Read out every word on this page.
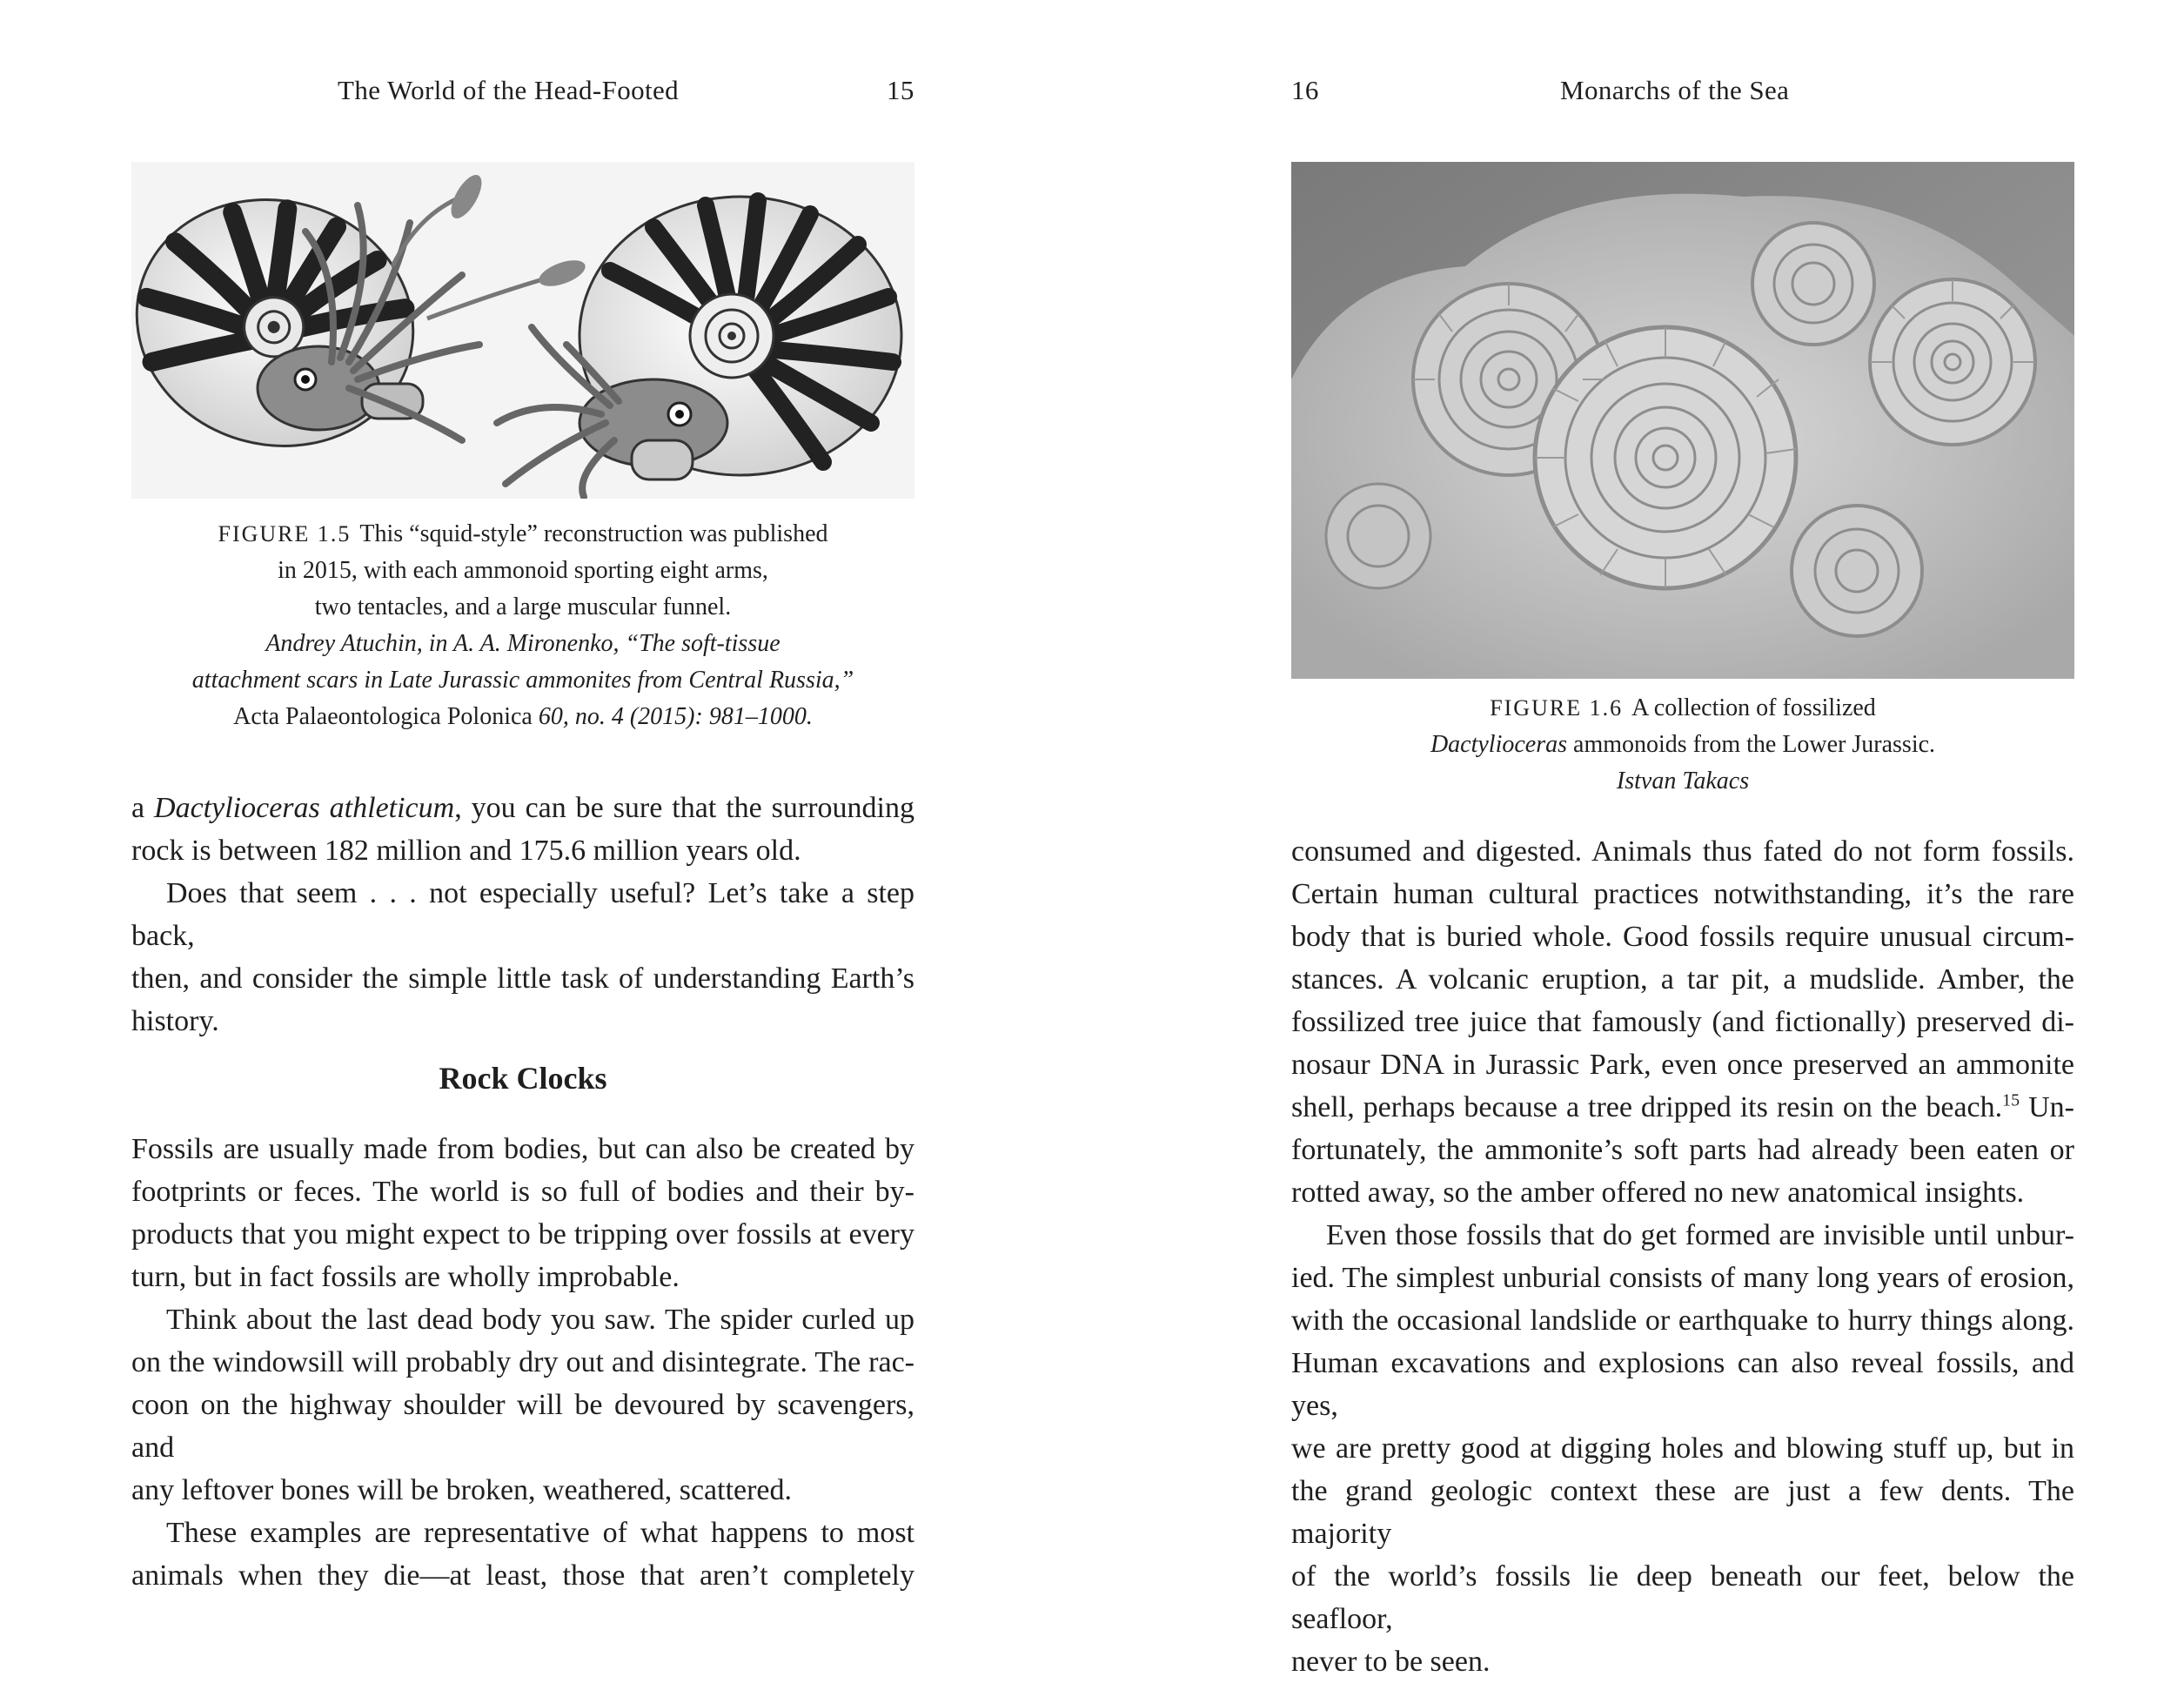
The World of the Head-Footed	15
FIGURE 1.5 This “squid-style” reconstruction was published
in 2015, with each ammonoid sporting eight arms,
two tentacles, and a large muscular funnel.
Andrey Atuchin, in A. A. Mironenko, “The soft-tissue
attachment scars in Late Jurassic ammonites from Central Russia,”
Acta Palaeontologica Polonica 60, no. 4 (2015): 981–1000.

a Dactylioceras athleticum, you can be sure that the surrounding

rock is between 182 million and 175.6 million years old.

Does that seem . . . not especially useful? Let’s take a step back,

then, and consider the simple little task of understanding Earth’s

history.

Rock Clocks

Fossils are usually made from bodies, but can also be created by

footprints or feces. The world is so full of bodies and their by-

products that you might expect to be tripping over fossils at every

turn, but in fact fossils are wholly improbable.

Think about the last dead body you saw. The spider curled up

on the windowsill will probably dry out and disintegrate. The rac-

coon on the highway shoulder will be devoured by scavengers, and

any leftover bones will be broken, weathered, scattered.

These examples are representative of what happens to most

animals when they die—at least, those that aren’t completely

16	Monarchs of the Sea
FIGURE 1.6 A collection of fossilized
Dactylioceras ammonoids from the Lower Jurassic.
Istvan Takacs

consumed and digested. Animals thus fated do not form fossils.

Certain human cultural practices notwithstanding, it’s the rare

body that is buried whole. Good fossils require unusual circum-

stances. A volcanic eruption, a tar pit, a mudslide. Amber, the

fossilized tree juice that famously (and fictionally) preserved di-

nosaur DNA in Jurassic Park, even once preserved an ammonite

shell, perhaps because a tree dripped its resin on the beach.$^{15}$ Un-

fortunately, the ammonite’s soft parts had already been eaten or

rotted away, so the amber offered no new anatomical insights.

Even those fossils that do get formed are invisible until unbur-

ied. The simplest unburial consists of many long years of erosion,

with the occasional landslide or earthquake to hurry things along.

Human excavations and explosions can also reveal fossils, and yes,

we are pretty good at digging holes and blowing stuff up, but in

the grand geologic context these are just a few dents. The majority

of the world’s fossils lie deep beneath our feet, below the seafloor,

never to be seen.
